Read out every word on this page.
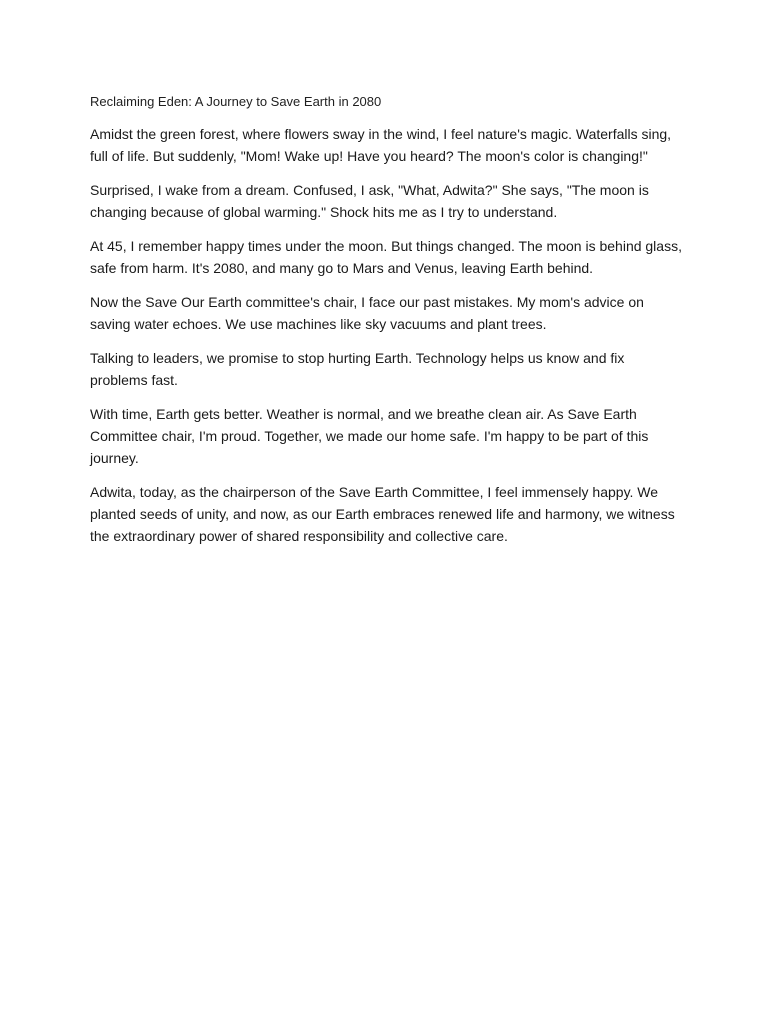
Reclaiming Eden: A Journey to Save Earth in 2080

Amidst the green forest, where flowers sway in the wind, I feel nature's magic. Waterfalls sing, full of life. But suddenly, "Mom! Wake up! Have you heard? The moon's color is changing!"

Surprised, I wake from a dream. Confused, I ask, "What, Adwita?" She says, "The moon is changing because of global warming." Shock hits me as I try to understand.

At 45, I remember happy times under the moon. But things changed. The moon is behind glass, safe from harm. It's 2080, and many go to Mars and Venus, leaving Earth behind.

Now the Save Our Earth committee's chair, I face our past mistakes. My mom's advice on saving water echoes. We use machines like sky vacuums and plant trees.

Talking to leaders, we promise to stop hurting Earth. Technology helps us know and fix problems fast.

With time, Earth gets better. Weather is normal, and we breathe clean air. As Save Earth Committee chair, I'm proud. Together, we made our home safe. I'm happy to be part of this journey.

Adwita, today, as the chairperson of the Save Earth Committee, I feel immensely happy. We planted seeds of unity, and now, as our Earth embraces renewed life and harmony, we witness the extraordinary power of shared responsibility and collective care.
